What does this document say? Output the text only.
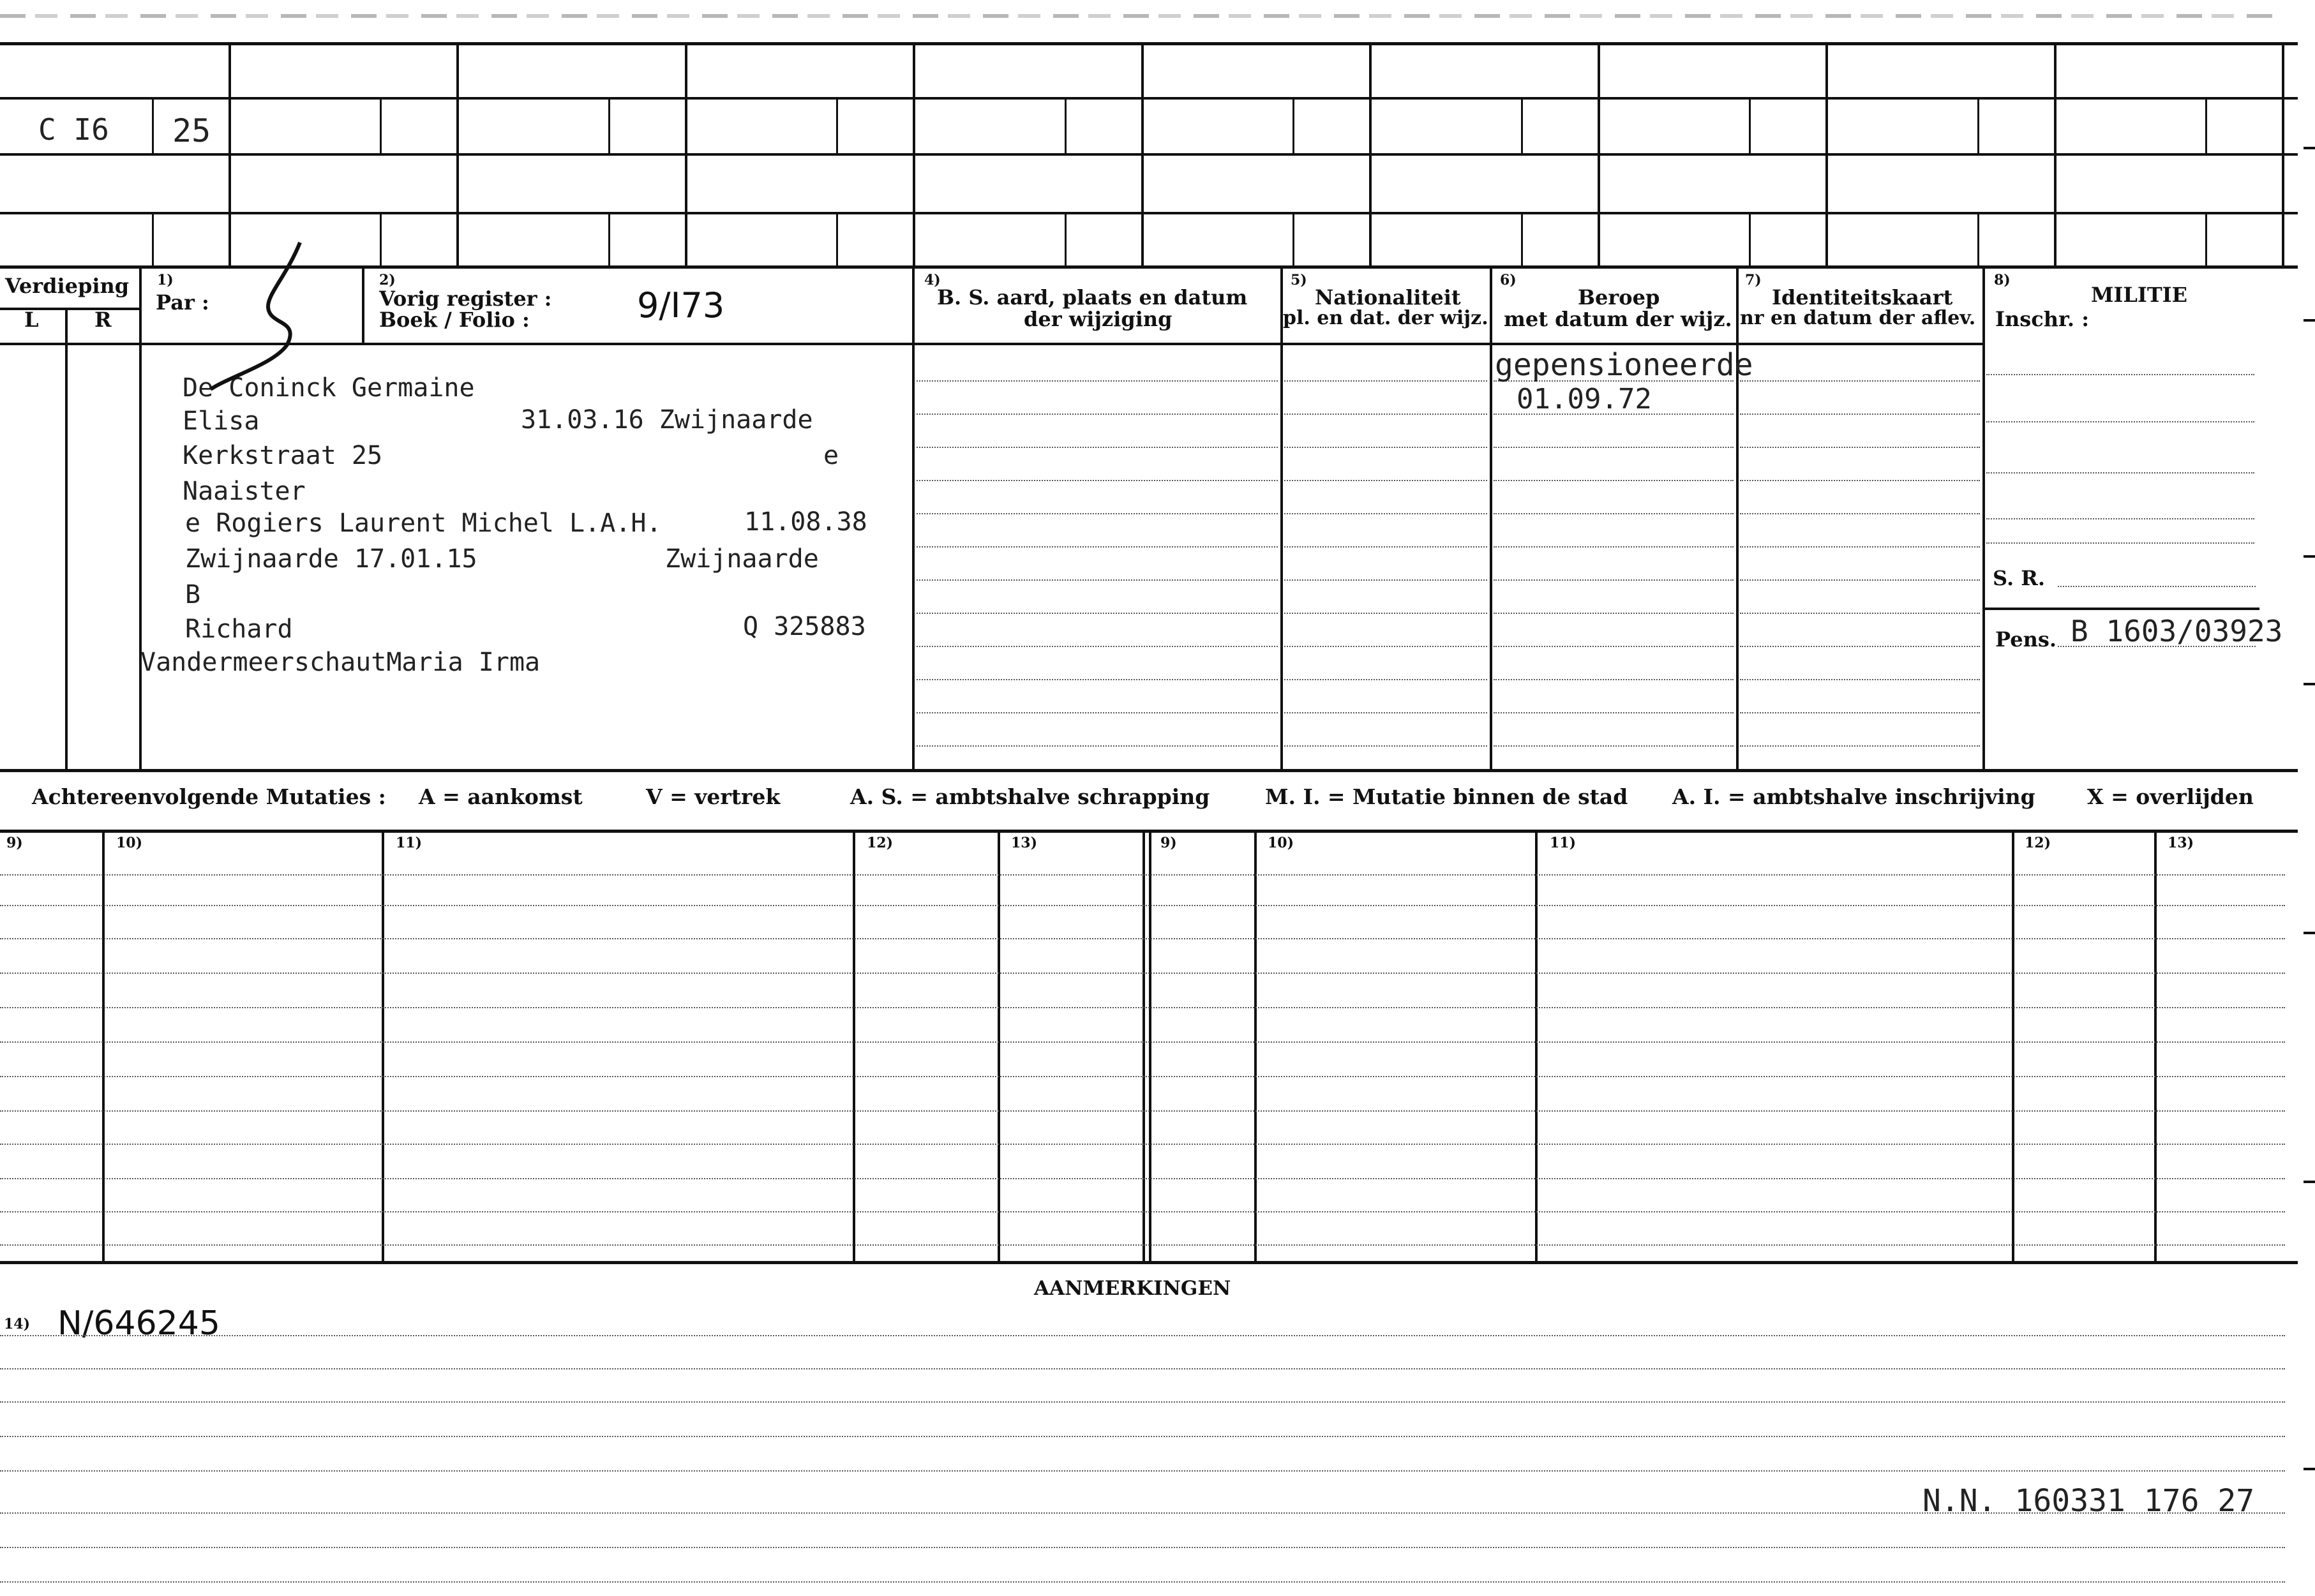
C I6 25
Verdieping
L	R
1)
Par :
2)
Vorig register :
Boek / Folio :	9/I73
4)
B. S. aard, plaats en datum
der wijziging
5)
Nationaliteit
pl. en dat. der wijz.
6)
Beroep
met datum der wijz.
7)
Identiteitskaart
nr en datum der aflev.
8)
MILITIE
Inschr. :
S. R.
Pens. B 1603/03923
gepensioneerde
01.09.72
De Coninck Germaine
Elisa	31.03.16 Zwijnaarde
Kerkstraat 25	e
Naaister
e Rogiers Laurent Michel L.A.H.	11.08.38
Zwijnaarde 17.01.15	Zwijnaarde
B
Richard	Q 325883
VandermeerschautMaria Irma
Achtereenvolgende Mutaties : A = aankomst	V = vertrek	A. S. = ambtshalve schrapping	M. I. = Mutatie binnen de stad A. I. = ambtshalve inschrijving X = overlijden
9)	10)	11)	12)	13)	9)	10)	11)	12)	13)
AANMERKINGEN
14) N/646245
N.N. 160331 176 27
